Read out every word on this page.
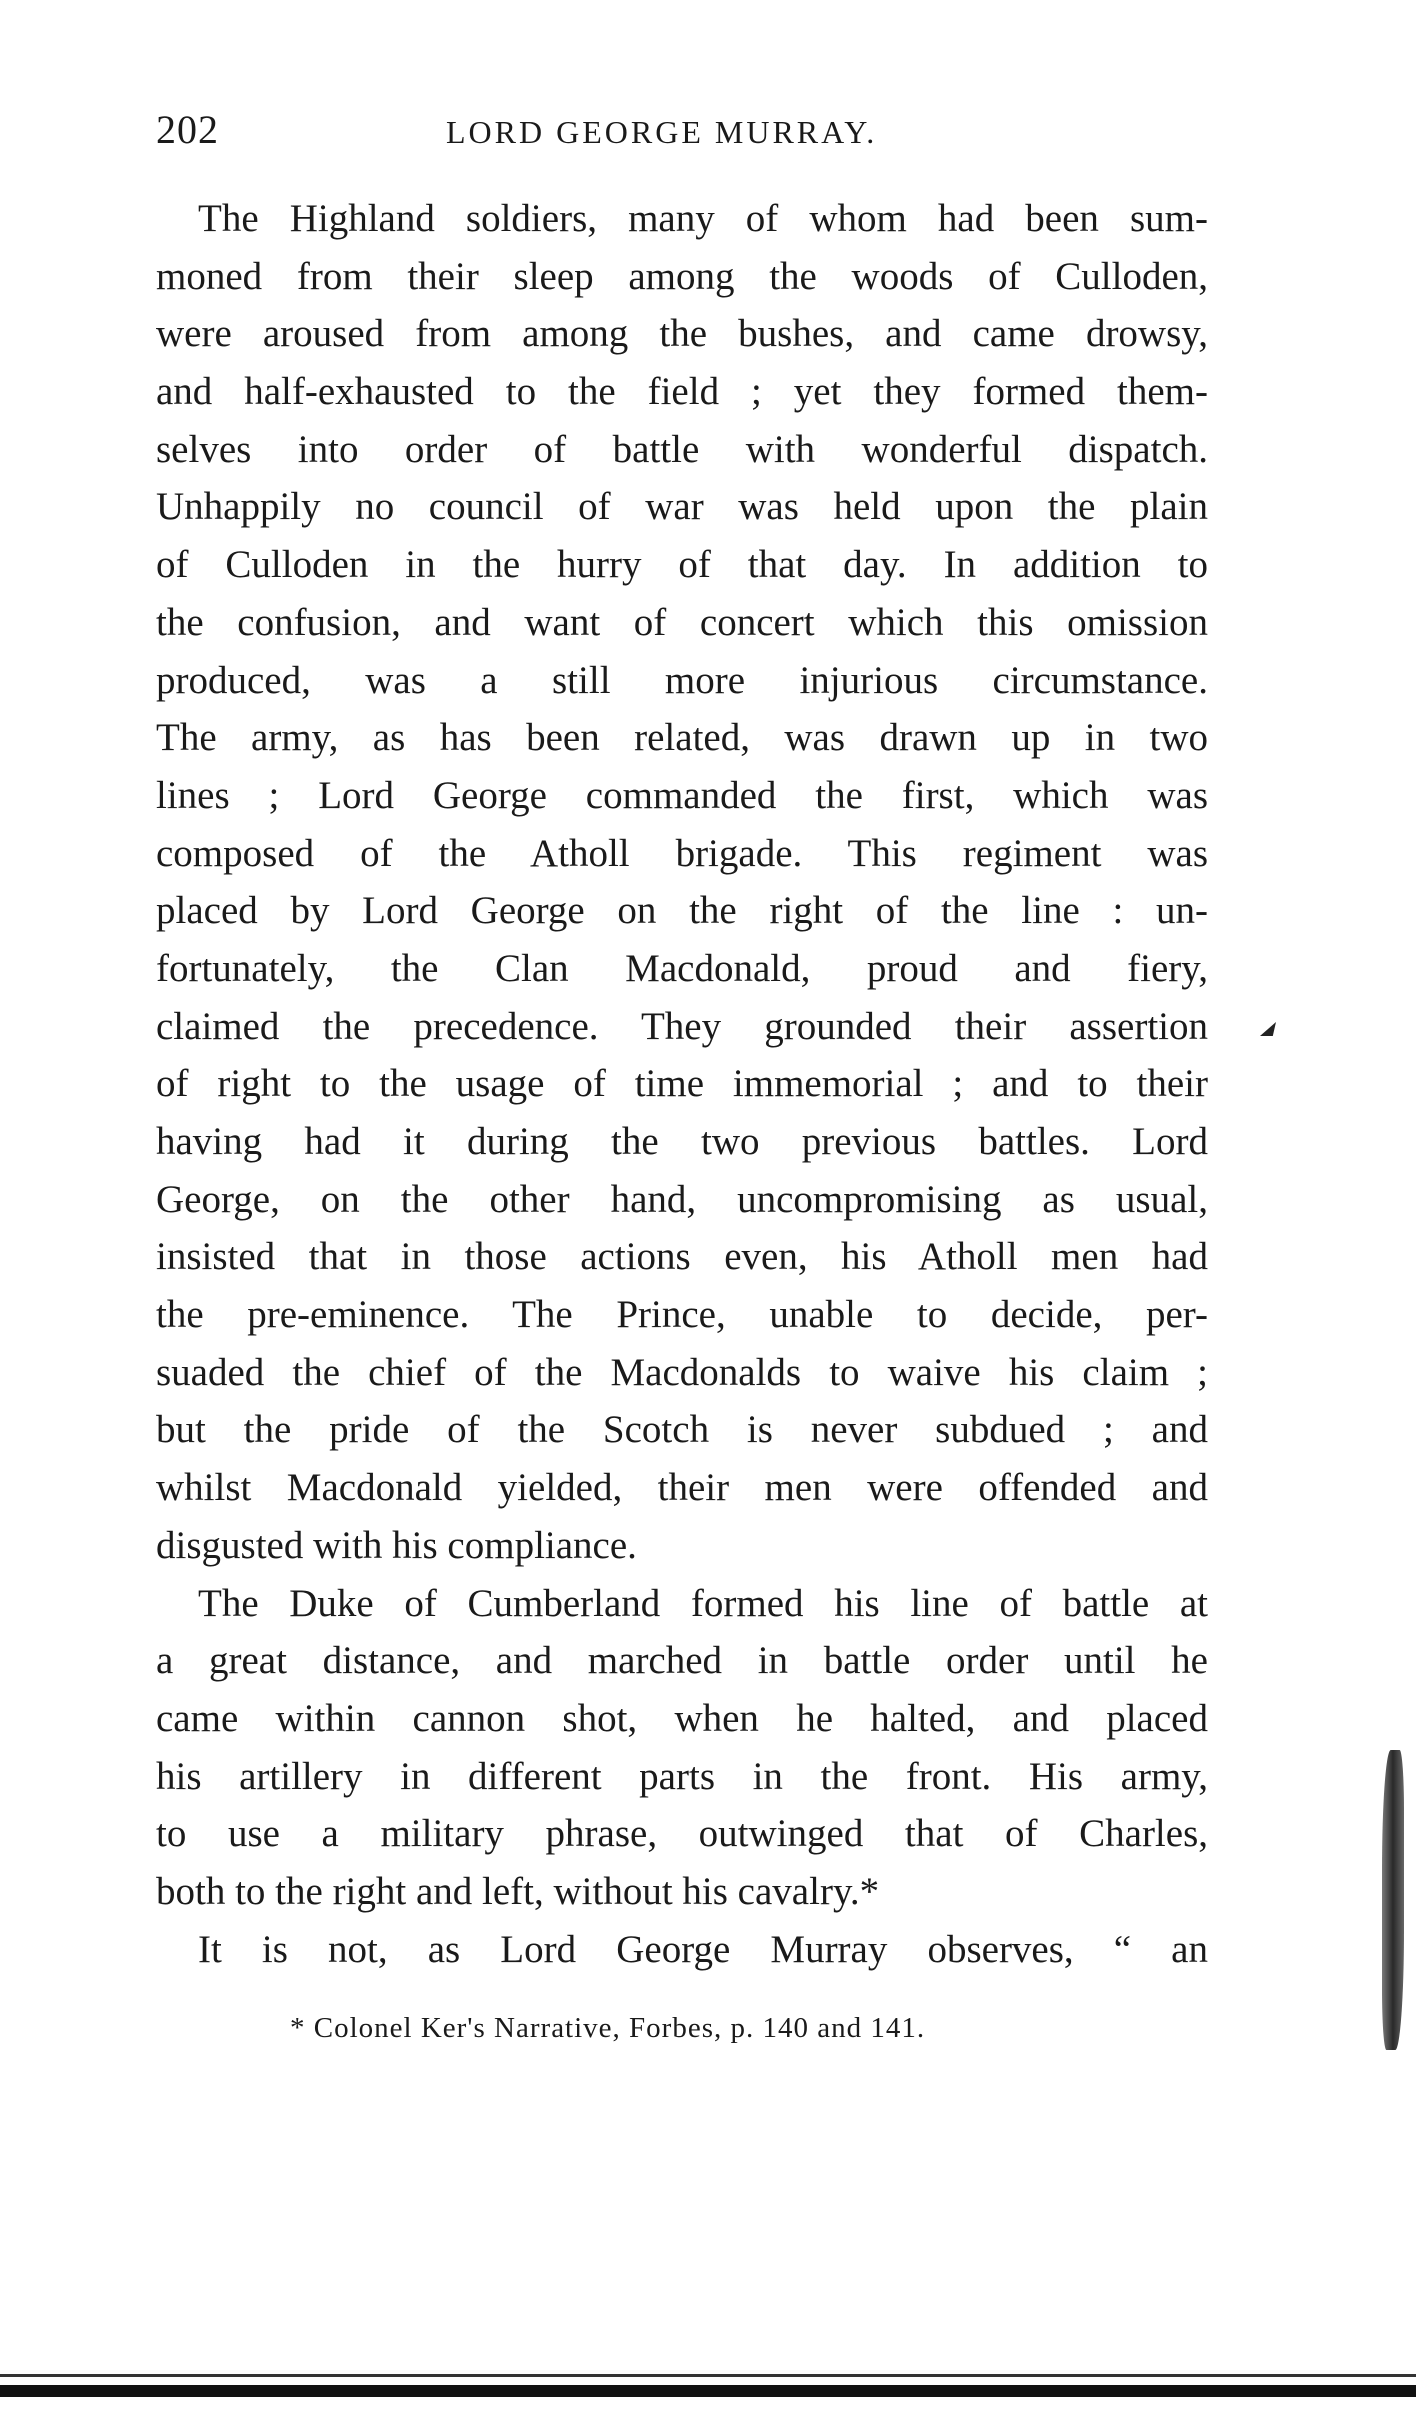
202	LORD GEORGE MURRAY.
The Highland soldiers, many of whom had been sum-
moned from their sleep among the woods of Culloden,
were aroused from among the bushes, and came drowsy,
and half-exhausted to the field ; yet they formed them-
selves into order of battle with wonderful dispatch.
Unhappily no council of war was held upon the plain
of Culloden in the hurry of that day. In addition to
the confusion, and want of concert which this omission
produced, was a still more injurious circumstance.
The army, as has been related, was drawn up in two
lines ; Lord George commanded the first, which was
composed of the Atholl brigade. This regiment was
placed by Lord George on the right of the line : un-
fortunately, the Clan Macdonald, proud and fiery,
claimed the precedence. They grounded their assertion
of right to the usage of time immemorial ; and to their
having had it during the two previous battles. Lord
George, on the other hand, uncompromising as usual,
insisted that in those actions even, his Atholl men had
the pre-eminence. The Prince, unable to decide, per-
suaded the chief of the Macdonalds to waive his claim ;
but the pride of the Scotch is never subdued ; and
whilst Macdonald yielded, their men were offended and
disgusted with his compliance.
The Duke of Cumberland formed his line of battle at
a great distance, and marched in battle order until he
came within cannon shot, when he halted, and placed
his artillery in different parts in the front. His army,
to use a military phrase, outwinged that of Charles,
both to the right and left, without his cavalry.*
It is not, as Lord George Murray observes, “ an
* Colonel Ker's Narrative, Forbes, p. 140 and 141.
